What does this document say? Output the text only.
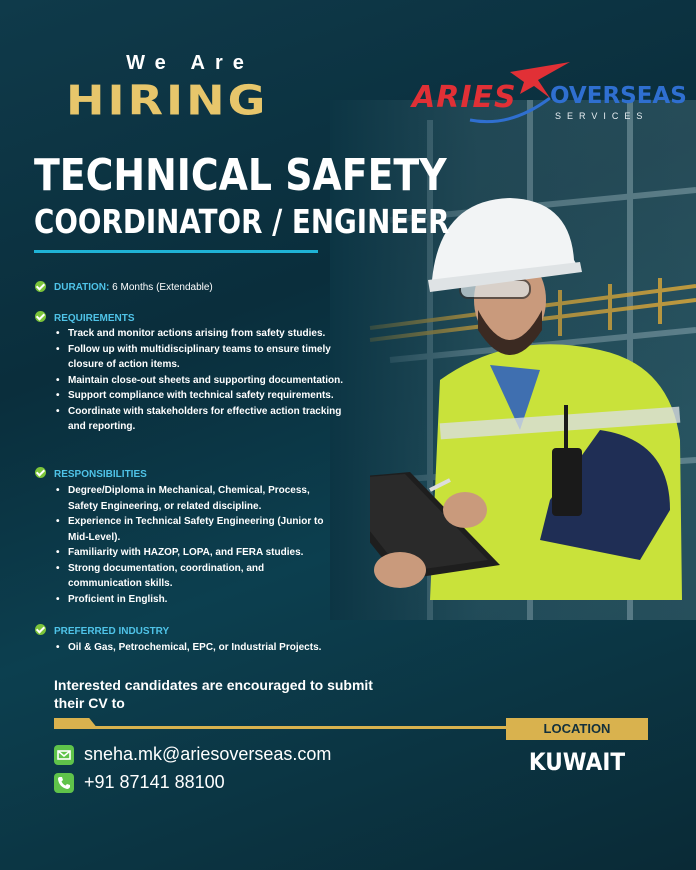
We Are
HIRING	ARIES OVERSEAS
SERVICES
TECHNICAL SAFETY
COORDINATOR / ENGINEER
DURATION: 6 Months (Extendable)
REQUIREMENTS
• Track and monitor actions arising from safety studies.
• Follow up with multidisciplinary teams to ensure timely closure of action items.
• Maintain close-out sheets and supporting documentation.
• Support compliance with technical safety requirements.
• Coordinate with stakeholders for effective action tracking and reporting.
RESPONSIBILITIES
• Degree/Diploma in Mechanical, Chemical, Process, Safety Engineering, or related discipline.
• Experience in Technical Safety Engineering (Junior to Mid-Level).
• Familiarity with HAZOP, LOPA, and FERA studies.
• Strong documentation, coordination, and communication skills.
• Proficient in English.
PREFERRED INDUSTRY
• Oil & Gas, Petrochemical, EPC, or Industrial Projects.
Interested candidates are encouraged to submit their CV to
LOCATION
KUWAIT
sneha.mk@ariesoverseas.com
+91 87141 88100
